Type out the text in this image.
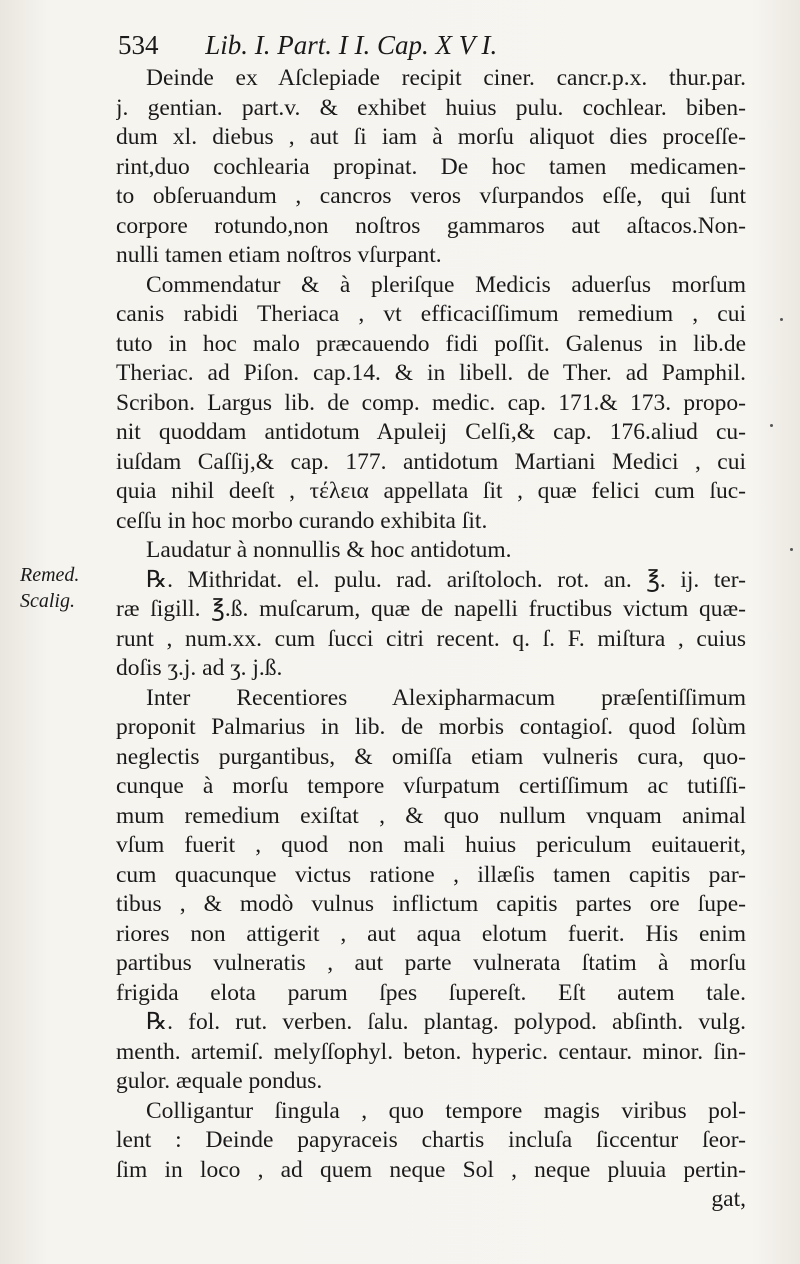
534 Lib. I. Part. I I. Cap. X V I.
Remed.
Scalig.
Deinde ex Aſclepiade recipit ciner. cancr.p.x. thur.par.
j. gentian. part.v. & exhibet huius pulu. cochlear. biben-
dum xl. diebus , aut ſi iam à morſu aliquot dies proceſſe-
rint,duo cochlearia propinat. De hoc tamen medicamen-
to obſeruandum , cancros veros vſurpandos eſſe, qui ſunt
corpore rotundo,non noſtros gammaros aut aſtacos.Non-
nulli tamen etiam noſtros vſurpant.
Commendatur & à pleriſque Medicis aduerſus morſum
canis rabidi Theriaca , vt efficaciſſimum remedium , cui
tuto in hoc malo præcauendo fidi poſſit. Galenus in lib.de
Theriac. ad Piſon. cap.14. & in libell. de Ther. ad Pamphil.
Scribon. Largus lib. de comp. medic. cap. 171.& 173. propo-
nit quoddam antidotum Apuleij Celſi,& cap. 176.aliud cu-
iuſdam Caſſij,& cap. 177. antidotum Martiani Medici , cui
quia nihil deeſt , τέλεια appellata ſit , quæ felici cum ſuc-
ceſſu in hoc morbo curando exhibita ſit.
Laudatur à nonnullis & hoc antidotum.
℞. Mithridat. el. pulu. rad. ariſtoloch. rot. an. ℥. ij. ter-
ræ ſigill. ℥.ß. muſcarum, quæ de napelli fructibus victum quæ-
runt , num.xx. cum ſucci citri recent. q. ſ. F. miſtura , cuius
doſis ʒ.j. ad ʒ. j.ß.
Inter Recentiores Alexipharmacum præſentiſſimum
proponit Palmarius in lib. de morbis contagioſ. quod ſolùm
neglectis purgantibus, & omiſſa etiam vulneris cura, quo-
cunque à morſu tempore vſurpatum certiſſimum ac tutiſſi-
mum remedium exiſtat , & quo nullum vnquam animal
vſum fuerit , quod non mali huius periculum euitauerit,
cum quacunque victus ratione , illæſis tamen capitis par-
tibus , & modò vulnus inflictum capitis partes ore ſupe-
riores non attigerit , aut aqua elotum fuerit. His enim
partibus vulneratis , aut parte vulnerata ſtatim à morſu
frigida elota parum ſpes ſupereſt. Eſt autem tale.
℞. fol. rut. verben. ſalu. plantag. polypod. abſinth. vulg.
menth. artemiſ. melyſſophyl. beton. hyperic. centaur. minor. ſin-
gulor. æquale pondus.
Colligantur ſingula , quo tempore magis viribus pol-
lent : Deinde papyraceis chartis incluſa ſiccentur ſeor-
ſim in loco , ad quem neque Sol , neque pluuia pertin-
gat,
